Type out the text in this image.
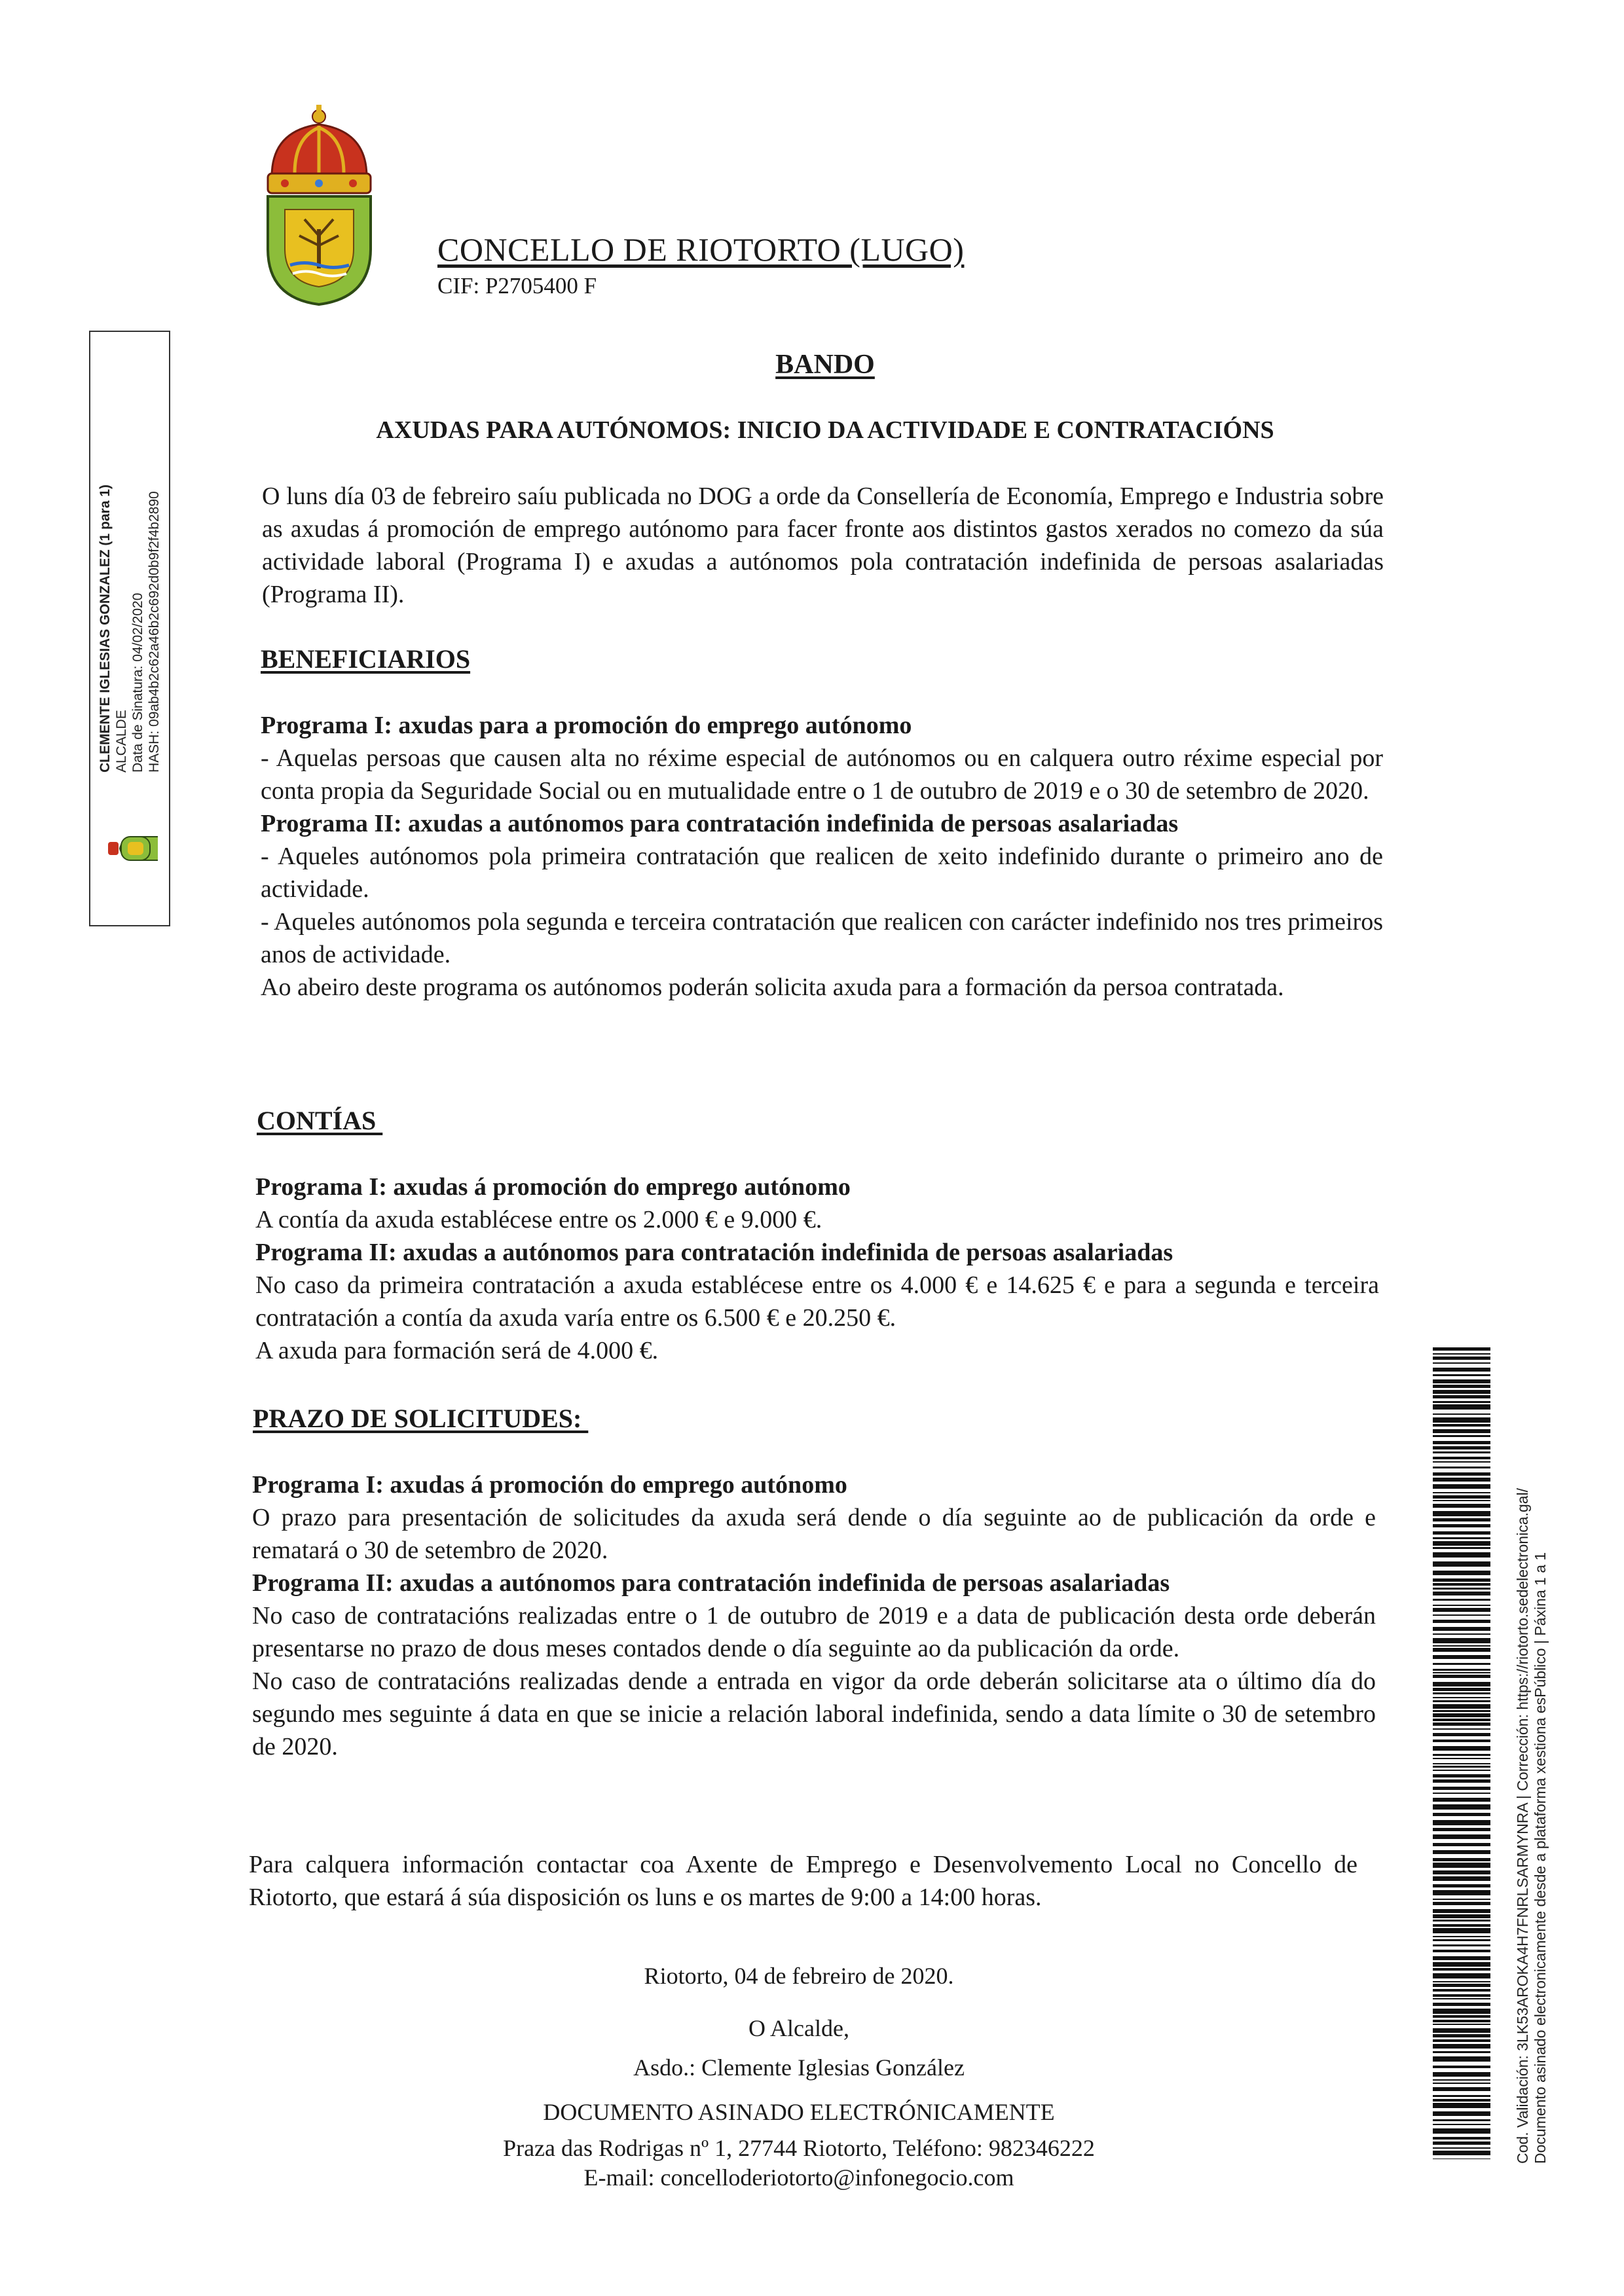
CONCELLO DE RIOTORTO (LUGO)
CIF: P2705400 F
CLEMENTE IGLESIAS GONZALEZ (1 para 1) ALCALDE Data de Sinatura: 04/02/2020 HASH: 09ab4b2c62a46b2c692d0b9f2f4b2890
Cod. Validación: 3LK53AROKA4H7FNRLSARMYNRA | Corrección: https://riotorto.sedelectronica.gal/ Documento asinado electronicamente desde a plataforma xestiona esPúblico | Páxina 1 a 1
BANDO
AXUDAS PARA AUTÓNOMOS: INICIO DA ACTIVIDADE E CONTRATACIÓNS
O luns día 03 de febreiro saíu publicada no DOG a orde da Consellería de Economía, Emprego e Industria sobre as axudas á promoción de emprego autónomo para facer fronte aos distintos gastos xerados no comezo da súa actividade laboral (Programa I) e axudas a autónomos pola contratación indefinida de persoas asalariadas (Programa II).
BENEFICIARIOS
Programa I: axudas para a promoción do emprego autónomo
- Aquelas persoas que causen alta no réxime especial de autónomos ou en calquera outro réxime especial por conta propia da Seguridade Social ou en mutualidade entre o 1 de outubro de 2019 e o 30 de setembro de 2020.
Programa II: axudas a autónomos para contratación indefinida de persoas asalariadas
- Aqueles autónomos pola primeira contratación que realicen de xeito indefinido durante o primeiro ano de actividade.
- Aqueles autónomos pola segunda e terceira contratación que realicen con carácter indefinido nos tres primeiros anos de actividade.
Ao abeiro deste programa os autónomos poderán solicita axuda para a formación da persoa contratada.
CONTÍAS
Programa I: axudas á promoción do emprego autónomo
A contía da axuda establécese entre os 2.000 € e 9.000 €.
Programa II: axudas a autónomos para contratación indefinida de persoas asalariadas
No caso da primeira contratación a axuda establécese entre os 4.000 € e 14.625 € e para a segunda e terceira contratación a contía da axuda varía entre os 6.500 € e 20.250 €.
A axuda para formación será de 4.000 €.
PRAZO DE SOLICITUDES:
Programa I: axudas á promoción do emprego autónomo
O prazo para presentación de solicitudes da axuda será dende o día seguinte ao de publicación da orde e rematará o 30 de setembro de 2020.
Programa II: axudas a autónomos para contratación indefinida de persoas asalariadas
No caso de contratacións realizadas entre o 1 de outubro de 2019 e a data de publicación desta orde deberán presentarse no prazo de dous meses contados dende o día seguinte ao da publicación da orde.
No caso de contratacións realizadas dende a entrada en vigor da orde deberán solicitarse ata o último día do segundo mes seguinte á data en que se inicie a relación laboral indefinida, sendo a data límite o 30 de setembro de 2020.
Para calquera información contactar coa Axente de Emprego e Desenvolvemento Local no Concello de Riotorto, que estará á súa disposición os luns e os martes de 9:00 a 14:00 horas.
Riotorto, 04 de febreiro de 2020.
O Alcalde,
Asdo.: Clemente Iglesias González
DOCUMENTO ASINADO ELECTRÓNICAMENTE
Praza das Rodrigas nº 1, 27744 Riotorto, Teléfono: 982346222
E-mail: concelloderiotorto@infonegocio.com
